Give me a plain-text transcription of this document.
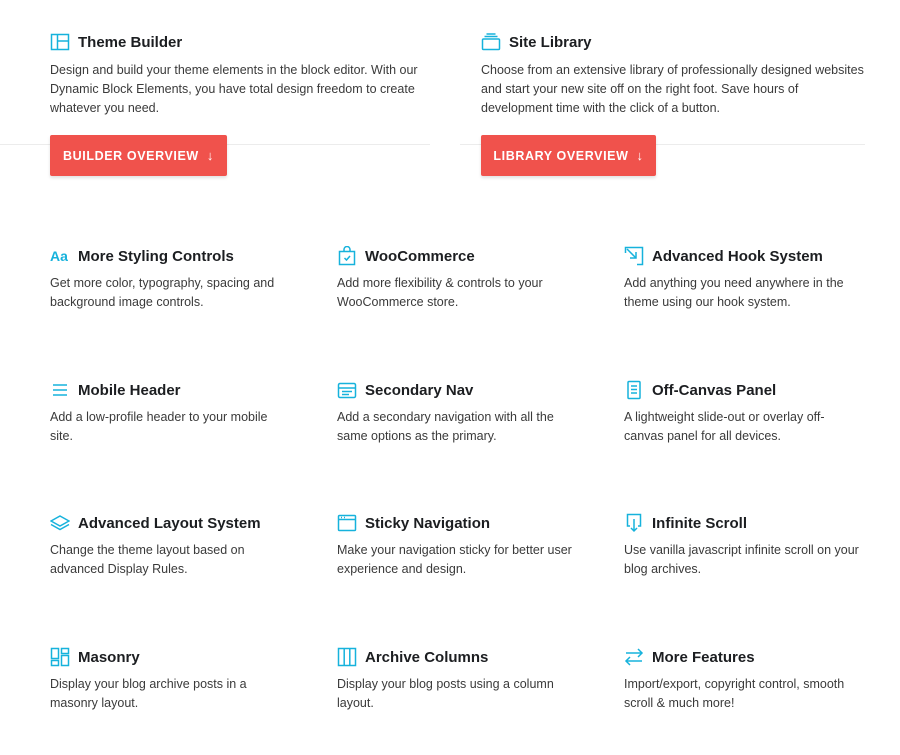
Theme Builder
Design and build your theme elements in the block editor. With our Dynamic Block Elements, you have total design freedom to create whatever you need.
Site Library
Choose from an extensive library of professionally designed websites and start your new site off on the right foot. Save hours of development time with the click of a button.
BUILDER OVERVIEW ↓	LIBRARY OVERVIEW ↓
Aa More Styling Controls
Get more color, typography, spacing and background image controls.
WooCommerce
Add more flexibility & controls to your WooCommerce store.
Advanced Hook System
Add anything you need anywhere in the theme using our hook system.
Mobile Header
Add a low-profile header to your mobile site.
Secondary Nav
Add a secondary navigation with all the same options as the primary.
Off-Canvas Panel
A lightweight slide-out or overlay off-canvas panel for all devices.
Advanced Layout System
Change the theme layout based on advanced Display Rules.
Sticky Navigation
Make your navigation sticky for better user experience and design.
Infinite Scroll
Use vanilla javascript infinite scroll on your blog archives.
Masonry
Display your blog archive posts in a masonry layout.
Archive Columns
Display your blog posts using a column layout.
More Features
Import/export, copyright control, smooth scroll & much more!
